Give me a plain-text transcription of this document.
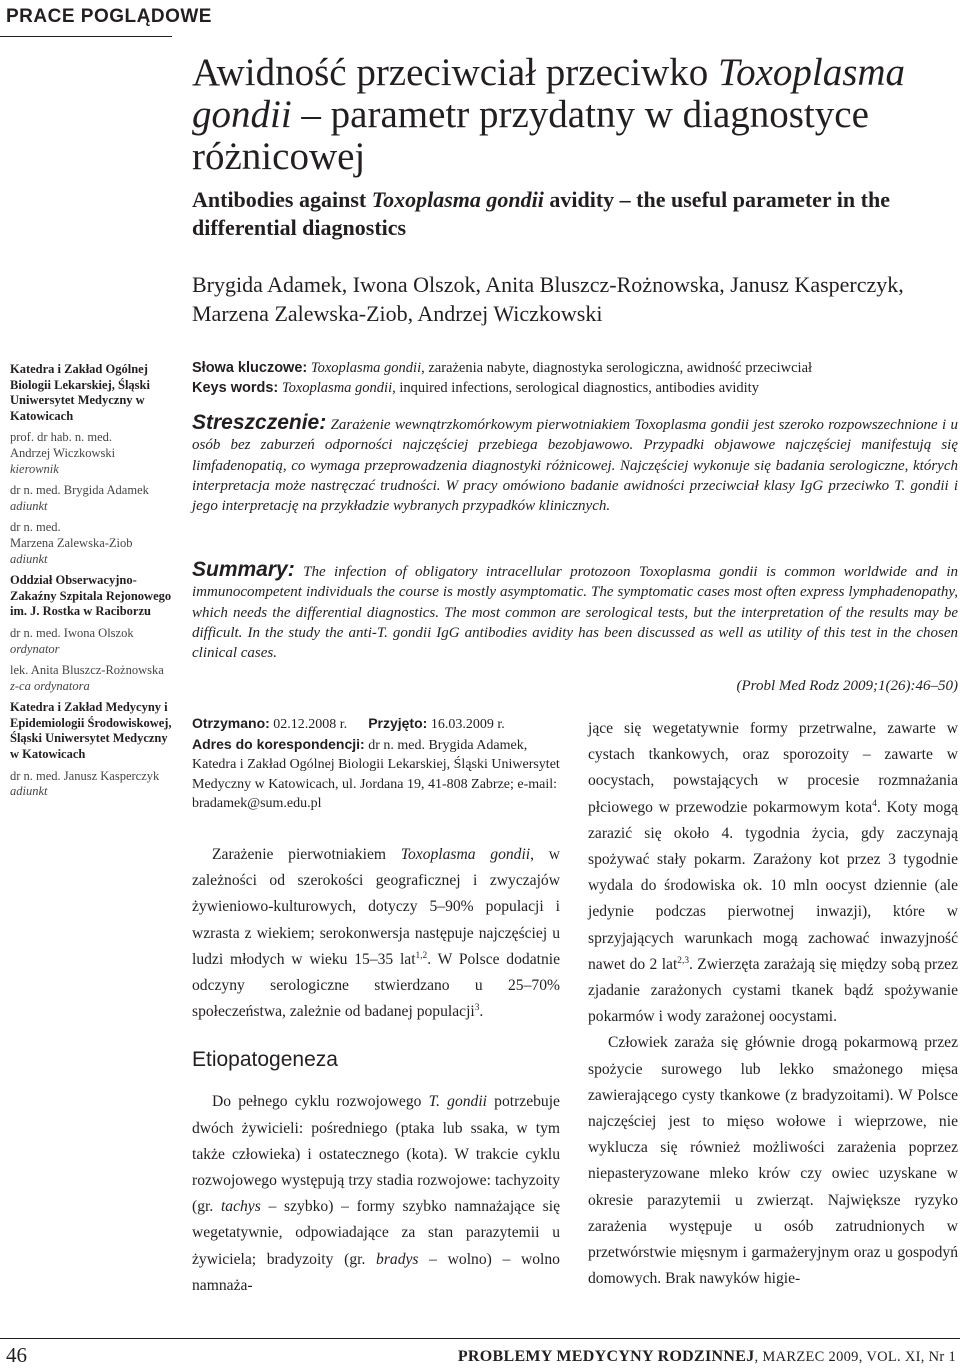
PRACE POGLĄDOWE
Awidność przeciwciał przeciwko Toxoplasma gondii – parametr przydatny w diagnostyce różnicowej
Antibodies against Toxoplasma gondii avidity – the useful parameter in the differential diagnostics
Brygida Adamek, Iwona Olszok, Anita Bluszcz-Rożnowska, Janusz Kasperczyk, Marzena Zalewska-Ziob, Andrzej Wiczkowski
Katedra i Zakład Ogólnej Biologii Lekarskiej, Śląski Uniwersytet Medyczny w Katowicach
prof. dr hab. n. med.
Andrzej Wiczkowski
kierownik
dr n. med. Brygida Adamek
adiunkt
dr n. med.
Marzena Zalewska-Ziob
adiunkt
Oddział Obserwacyjno-Zakaźny Szpitala Rejonowego im. J. Rostka w Raciborzu
dr n. med. Iwona Olszok
ordynator
lek. Anita Bluszcz-Rożnowska
z-ca ordynatora
Katedra i Zakład Medycyny i Epidemiologii Środowiskowej, Śląski Uniwersytet Medyczny w Katowicach
dr n. med. Janusz Kasperczyk
adiunkt
Słowa kluczowe: Toxoplasma gondii, zarażenia nabyte, diagnostyka serologiczna, awidność przeciwciał
Keys words: Toxoplasma gondii, inquired infections, serological diagnostics, antibodies avidity
Streszczenie: Zarażenie wewnątrzkomórkowym pierwotniakiem Toxoplasma gondii jest szeroko rozpowszechnione i u osób bez zaburzeń odporności najczęściej przebiega bezobjawowo. Przypadki objawowe najczęściej manifestują się limfadenopatią, co wymaga przeprowadzenia diagnostyki różnicowej. Najczęściej wykonuje się badania serologiczne, których interpretacja może nastręczać trudności. W pracy omówiono badanie awidności przeciwciał klasy IgG przeciwko T. gondii i jego interpretację na przykładzie wybranych przypadków klinicznych.
Summary: The infection of obligatory intracellular protozoon Toxoplasma gondii is common worldwide and in immunocompetent individuals the course is mostly asymptomatic. The symptomatic cases most often express lymphadenopathy, which needs the differential diagnostics. The most common are serological tests, but the interpretation of the results may be difficult. In the study the anti-T. gondii IgG antibodies avidity has been discussed as well as utility of this test in the chosen clinical cases.
(Probl Med Rodz 2009;1(26):46–50)
Otrzymano: 02.12.2008 r. Przyjęto: 16.03.2009 r.
Adres do korespondencji: dr n. med. Brygida Adamek, Katedra i Zakład Ogólnej Biologii Lekarskiej, Śląski Uniwersytet Medyczny w Katowicach, ul. Jordana 19, 41-808 Zabrze; e-mail: bradamek@sum.edu.pl

Zarażenie pierwotniakiem Toxoplasma gondii, w zależności od szerokości geograficznej i zwyczajów żywieniowo-kulturowych, dotyczy 5–90% populacji i wzrasta z wiekiem; serokonwersja następuje najczęściej u ludzi młodych w wieku 15–35 lat$^{1,2}$. W Polsce dodatnie odczyny serologiczne stwierdzano u 25–70% społeczeństwa, zależnie od badanej populacji$^3$.

Etiopatogeneza

Do pełnego cyklu rozwojowego T. gondii potrzebuje dwóch żywicieli: pośredniego (ptaka lub ssaka, w tym także człowieka) i ostatecznego (kota). W trakcie cyklu rozwojowego występują trzy stadia rozwojowe: tachyzoity (gr. tachys – szybko) – formy szybko namnażające się wegetatywnie, odpowiadające za stan parazytemii u żywiciela; bradyzoity (gr. bradys – wolno) – wolno namnaża-

jące się wegetatywnie formy przetrwalne, zawarte w cystach tkankowych, oraz sporozoity – zawarte w oocystach, powstających w procesie rozmnażania płciowego w przewodzie pokarmowym kota$^4$. Koty mogą zarazić się około 4. tygodnia życia, gdy zaczynają spożywać stały pokarm. Zarażony kot przez 3 tygodnie wydala do środowiska ok. 10 mln oocyst dziennie (ale jedynie podczas pierwotnej inwazji), które w sprzyjających warunkach mogą zachować inwazyjność nawet do 2 lat$^{2,3}$. Zwierzęta zarażają się między sobą przez zjadanie zarażonych cystami tkanek bądź spożywanie pokarmów i wody zarażonej oocystami.

Człowiek zaraża się głównie drogą pokarmową przez spożycie surowego lub lekko smażonego mięsa zawierającego cysty tkankowe (z bradyzoitami). W Polsce najczęściej jest to mięso wołowe i wieprzowe, nie wyklucza się również możliwości zarażenia poprzez niepasteryzowane mleko krów czy owiec uzyskane w okresie parazytemii u zwierząt. Największe ryzyko zarażenia występuje u osób zatrudnionych w przetwórstwie mięsnym i garmażeryjnym oraz u gospodyń domowych. Brak nawyków higie-

46	PROBLEMY MEDYCYNY RODZINNEJ, MARZEC 2009, VOL. XI, Nr 1
